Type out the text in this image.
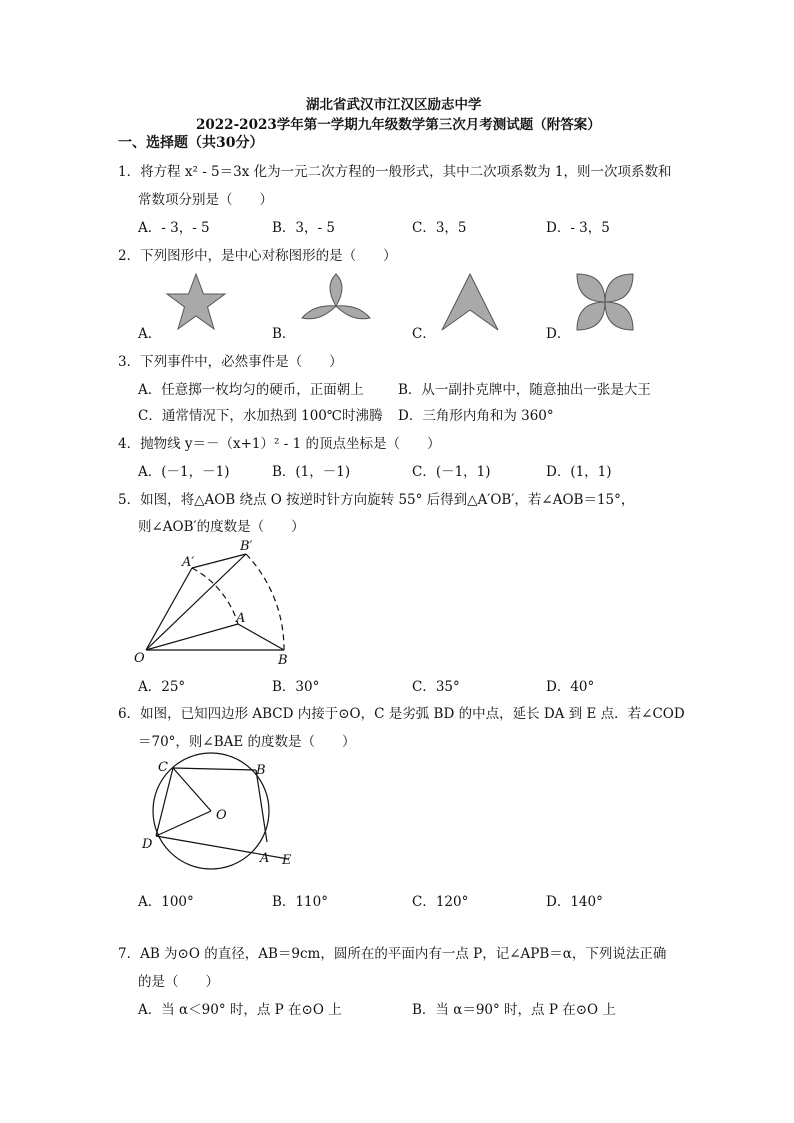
湖北省武汉市江汉区励志中学
2022-2023学年第一学期九年级数学第三次月考测试题（附答案）
一、选择题（共30分）
1．将方程 x² - 5＝3x 化为一元二次方程的一般形式，其中二次项系数为 1，则一次项系数和
常数项分别是（　　）
A．- 3，- 5	B．3，- 5	C．3，5	D．- 3，5
2．下列图形中，是中心对称图形的是（　　）
A．	B．	C．	D．
3．下列事件中，必然事件是（　　）
A．任意掷一枚均匀的硬币，正面朝上	B．从一副扑克牌中，随意抽出一张是大王
C．通常情况下，水加热到 100℃时沸腾 D．三角形内角和为 360°
4．抛物线 y＝－（x+1）² - 1 的顶点坐标是（　　）
A．(－1，－1)	B．(1，－1)	C．(－1，1)	D．(1，1)
5．如图，将△AOB 绕点 O 按逆时针方向旋转 55° 后得到△A′OB′，若∠AOB＝15°，
则∠AOB′的度数是（　　）
A′
B′
A
O	B
A．25°	B．30°	C．35°	D．40°
6．如图，已知四边形 ABCD 内接于⊙O，C 是劣弧 BD 的中点，延长 DA 到 E 点．若∠COD
＝70°，则∠BAE 的度数是（　　）
C	B
O
D
A E
A．100°	B．110°	C．120°	D．140°
7．AB 为⊙O 的直径，AB＝9cm，圆所在的平面内有一点 P，记∠APB＝α，下列说法正确
的是（　　）
A．当 α＜90° 时，点 P 在⊙O 上	B．当 α＝90° 时，点 P 在⊙O 上
